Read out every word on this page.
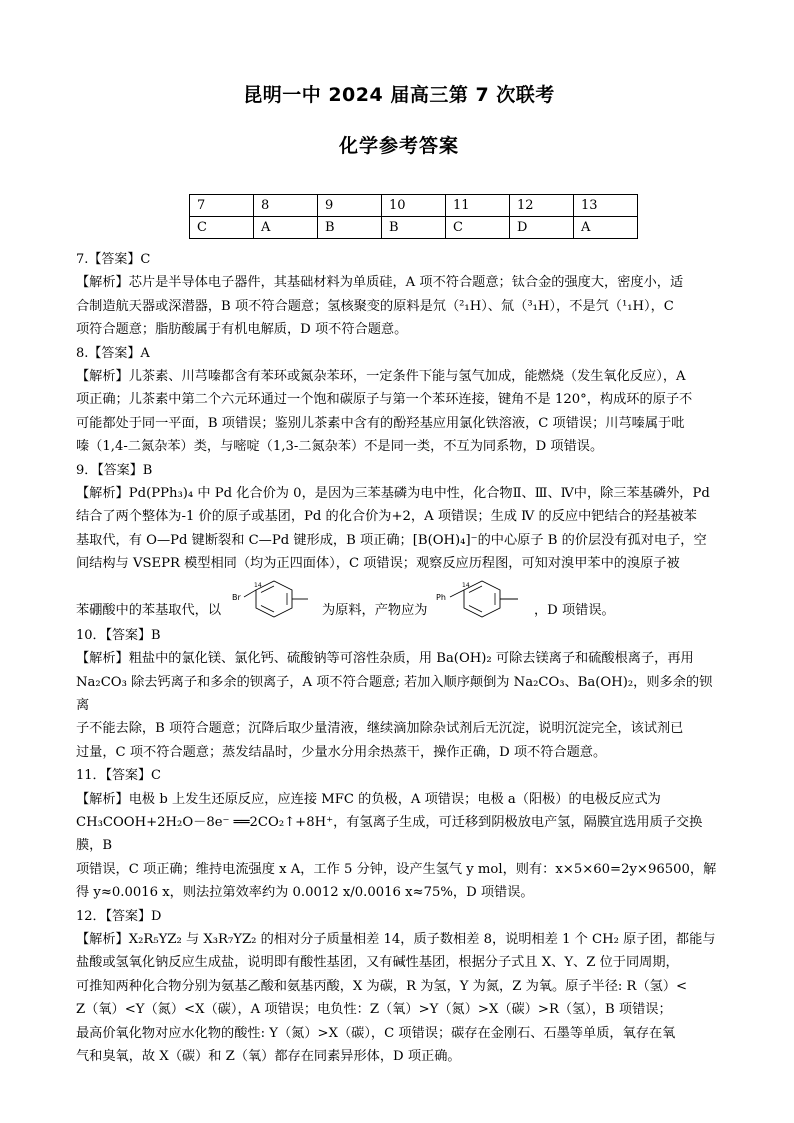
昆明一中 2024 届高三第 7 次联考
化学参考答案
7	8	9	10	11	12	13
C	A	B	B	C	D	A

7.【答案】C

【解析】芯片是半导体电子器件，其基础材料为单质硅，A 项不符合题意；钛合金的强度大，密度小，适

合制造航天器或深潜器，B 项不符合题意；氢核聚变的原料是氘（²₁H）、氚（³₁H），不是氕（¹₁H），C

项符合题意；脂肪酸属于有机电解质，D 项不符合题意。

8.【答案】A

【解析】儿茶素、川芎嗪都含有苯环或氮杂苯环，一定条件下能与氢气加成，能燃烧（发生氧化反应），A

项正确；儿茶素中第二个六元环通过一个饱和碳原子与第一个苯环连接，键角不是 120°，构成环的原子不

可能都处于同一平面，B 项错误；鉴别儿茶素中含有的酚羟基应用氯化铁溶液，C 项错误；川芎嗪属于吡

嗪（1,4-二氮杂苯）类，与嘧啶（1,3-二氮杂苯）不是同一类，不互为同系物，D 项错误。

9．【答案】B

【解析】Pd(PPh₃)₄ 中 Pd 化合价为 0，是因为三苯基磷为电中性，化合物Ⅱ、Ⅲ、Ⅳ中，除三苯基磷外，Pd

结合了两个整体为-1 价的原子或基团，Pd 的化合价为+2，A 项错误；生成 Ⅳ 的反应中钯结合的羟基被苯

基取代，有 O—Pd 键断裂和 C—Pd 键形成，B 项正确；[B(OH)₄]⁻的中心原子 B 的价层没有孤对电子，空

间结构与 VSEPR 模型相同（均为正四面体），C 项错误；观察反应历程图，可知对溴甲苯中的溴原子被

苯硼酸中的苯基取代，以
Br
14
为原料，产物应为
Ph
14
，D 项错误。

10．【答案】B

【解析】粗盐中的氯化镁、氯化钙、硫酸钠等可溶性杂质，用 Ba(OH)₂ 可除去镁离子和硫酸根离子，再用

Na₂CO₃ 除去钙离子和多余的钡离子，A 项不符合题意; 若加入顺序颠倒为 Na₂CO₃、Ba(OH)₂，则多余的钡离

子不能去除，B 项符合题意；沉降后取少量清液，继续滴加除杂试剂后无沉淀，说明沉淀完全，该试剂已

过量，C 项不符合题意；蒸发结晶时，少量水分用余热蒸干，操作正确，D 项不符合题意。

11．【答案】C

【解析】电极 b 上发生还原反应，应连接 MFC 的负极，A 项错误；电极 a（阳极）的电极反应式为

CH₃COOH+2H₂O－8e⁻ ══2CO₂↑+8H⁺，有氢离子生成，可迁移到阴极放电产氢，隔膜宜选用质子交换膜，B

项错误，C 项正确；维持电流强度 x A，工作 5 分钟，设产生氢气 y mol，则有：x×5×60=2y×96500，解

得 y≈0.0016 x，则法拉第效率约为 0.0012 x/0.0016 x≈75%，D 项错误。

12．【答案】D

【解析】X₂R₅YZ₂ 与 X₃R₇YZ₂ 的相对分子质量相差 14，质子数相差 8，说明相差 1 个 CH₂ 原子团，都能与

盐酸或氢氧化钠反应生成盐，说明即有酸性基团，又有碱性基团，根据分子式且 X、Y、Z 位于同周期，

可推知两种化合物分别为氨基乙酸和氨基丙酸，X 为碳，R 为氢，Y 为氮，Z 为氧。原子半径: R（氢）<

Z（氧）<Y（氮）<X（碳），A 项错误；电负性：Z（氧）>Y（氮）>X（碳）>R（氢），B 项错误；

最高价氧化物对应水化物的酸性: Y（氮）>X（碳），C 项错误；碳存在金刚石、石墨等单质，氧存在氧

气和臭氧，故 X（碳）和 Z（氧）都存在同素异形体，D 项正确。
